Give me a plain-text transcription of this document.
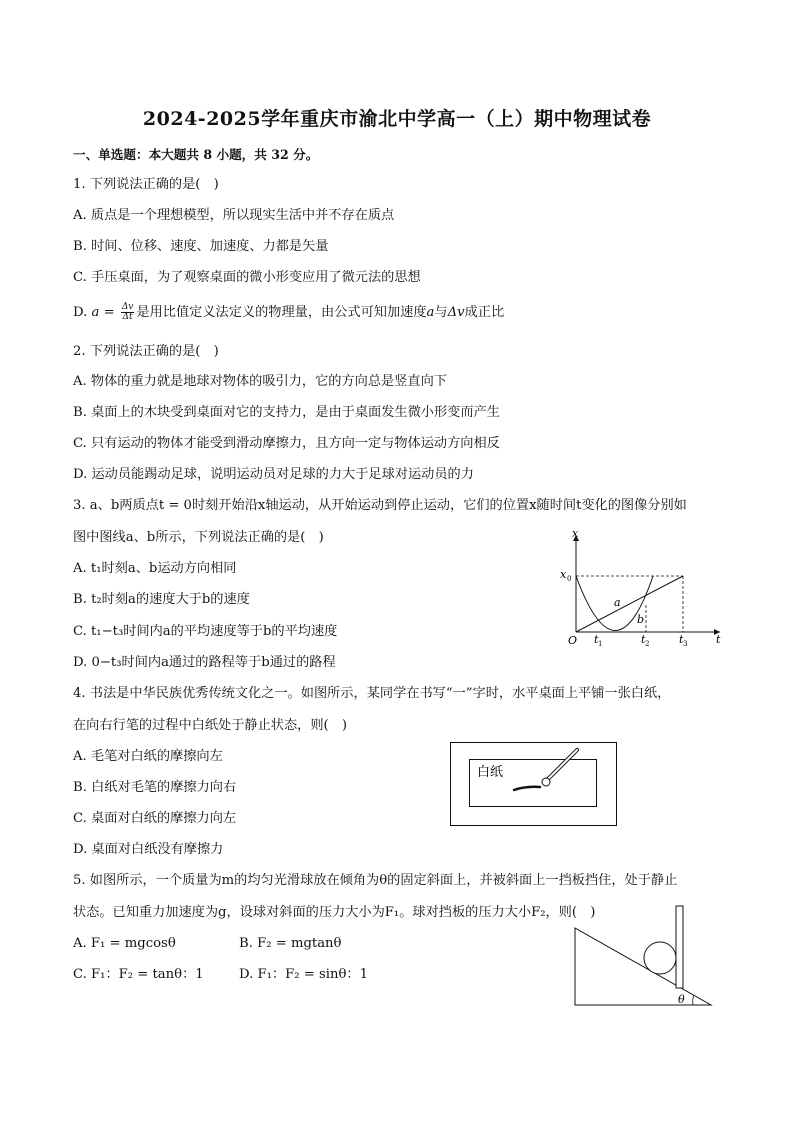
2024-2025学年重庆市渝北中学高一（上）期中物理试卷
一、单选题：本大题共 8 小题，共 32 分。
1. 下列说法正确的是(　)
A. 质点是一个理想模型，所以现实生活中并不存在质点
B. 时间、位移、速度、加速度、力都是矢量
C. 手压桌面，为了观察桌面的微小形变应用了微元法的思想
D. $a = \frac{\Delta v}{\Delta t}$ 是用比值定义法定义的物理量，由公式可知加速度a与Δv成正比
2. 下列说法正确的是(　)
A. 物体的重力就是地球对物体的吸引力，它的方向总是竖直向下
B. 桌面上的木块受到桌面对它的支持力，是由于桌面发生微小形变而产生
C. 只有运动的物体才能受到滑动摩擦力，且方向一定与物体运动方向相反
D. 运动员能踢动足球，说明运动员对足球的力大于足球对运动员的力
3. a、b两质点t = 0时刻开始沿x轴运动，从开始运动到停止运动，它们的位置x随时间t变化的图像分别如
图中图线a、b所示，下列说法正确的是(　)
A. t₁时刻a、b运动方向相同
B. t₂时刻a的速度大于b的速度
C. t₁−t₃时间内a的平均速度等于b的平均速度
D. 0−t₃时间内a通过的路程等于b通过的路程
x
t
O
x 0
t 1	t 2	t 3
a
b
4. 书法是中华民族优秀传统文化之一。如图所示，某同学在书写“一”字时，水平桌面上平铺一张白纸，
在向右行笔的过程中白纸处于静止状态，则(　)
A. 毛笔对白纸的摩擦向左
B. 白纸对毛笔的摩擦力向右
C. 桌面对白纸的摩擦力向左
D. 桌面对白纸没有摩擦力
白纸
5. 如图所示，一个质量为m的均匀光滑球放在倾角为θ的固定斜面上，并被斜面上一挡板挡住，处于静止
状态。已知重力加速度为g，设球对斜面的压力大小为F₁。球对挡板的压力大小F₂，则(　)
A. F₁ = mgcosθ	B. F₂ = mgtanθ
C. F₁：F₂ = tanθ：1	D. F₁：F₂ = sinθ：1
θ
